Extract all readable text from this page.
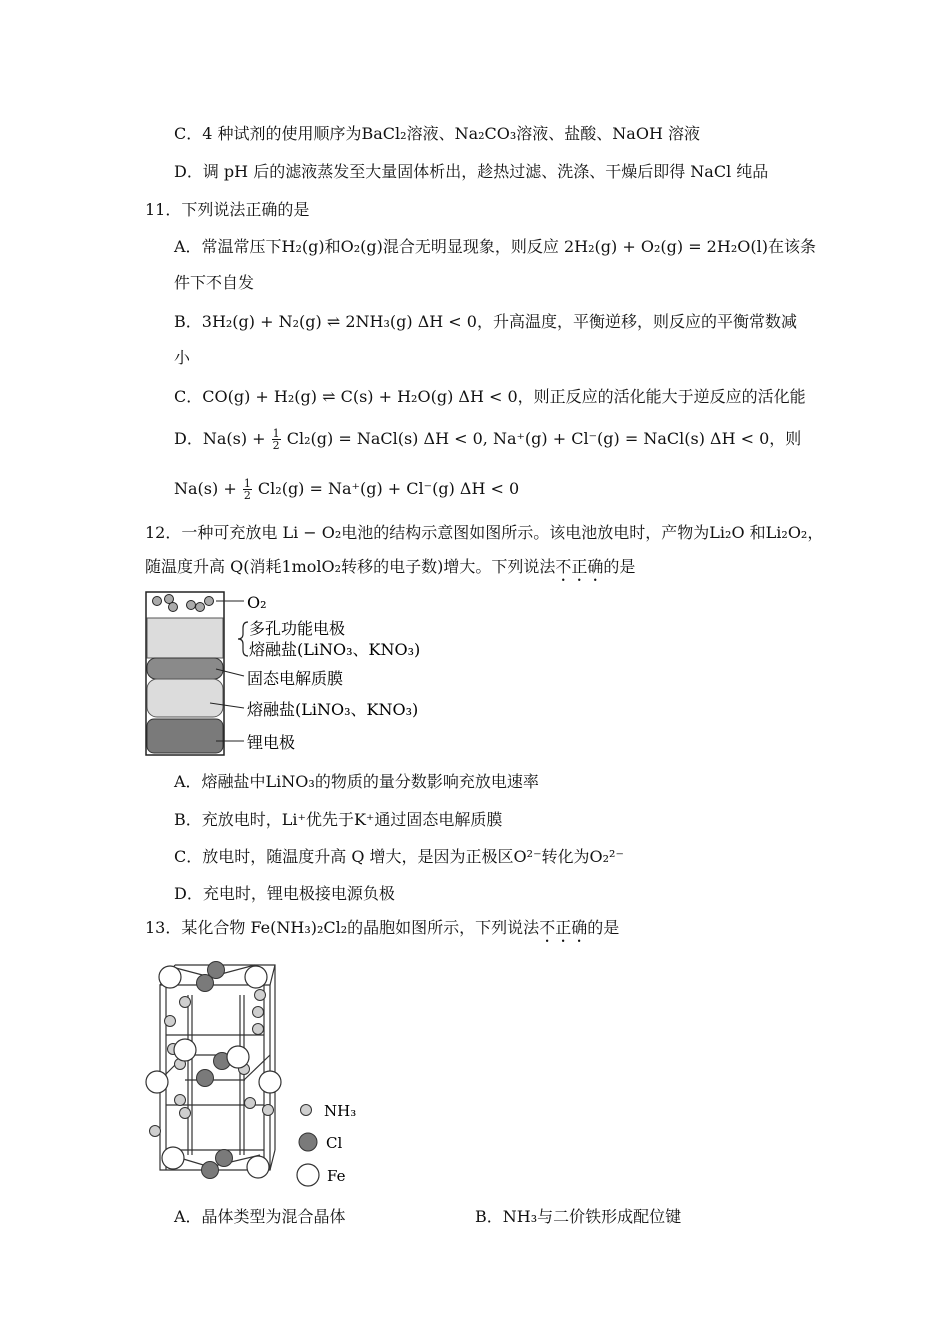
C．4 种试剂的使用顺序为BaCl₂溶液、Na₂CO₃溶液、盐酸、NaOH 溶液
D．调 pH 后的滤液蒸发至大量固体析出，趁热过滤、洗涤、干燥后即得 NaCl 纯品
11．下列说法正确的是
A．常温常压下H₂(g)和O₂(g)混合无明显现象，则反应 2H₂(g) + O₂(g) = 2H₂O(l)在该条
件下不自发
B．3H₂(g) + N₂(g) ⇌ 2NH₃(g) ΔH < 0，升高温度，平衡逆移，则反应的平衡常数减
小
C．CO(g) + H₂(g) ⇌ C(s) + H₂O(g) ΔH < 0，则正反应的活化能大于逆反应的活化能
D．$Na(s) + \frac{1}{2} Cl_2(g)$ = NaCl(s) ΔH < 0, Na⁺(g) + Cl⁻(g) = NaCl(s) ΔH < 0，则
$Na(s) + \frac{1}{2} Cl_2(g) = Na^+(g) + Cl^-(g) \Delta H < 0$
12．一种可充放电 Li − O₂电池的结构示意图如图所示。该电池放电时，产物为Li₂O 和Li₂O₂，
随温度升高 Q(消耗1molO₂转移的电子数)增大。下列说法不正确的是
O₂
多孔功能电极
熔融盐(LiNO₃、KNO₃)
固态电解质膜
熔融盐(LiNO₃、KNO₃)
锂电极
A．熔融盐中LiNO₃的物质的量分数影响充放电速率
B．充放电时，Li⁺优先于K⁺通过固态电解质膜
C．放电时，随温度升高 Q 增大，是因为正极区O²⁻转化为O₂²⁻
D．充电时，锂电极接电源负极
13．某化合物 Fe(NH₃)₂Cl₂的晶胞如图所示，下列说法不正确的是
NH₃
Cl
Fe
A．晶体类型为混合晶体	B．NH₃与二价铁形成配位键
